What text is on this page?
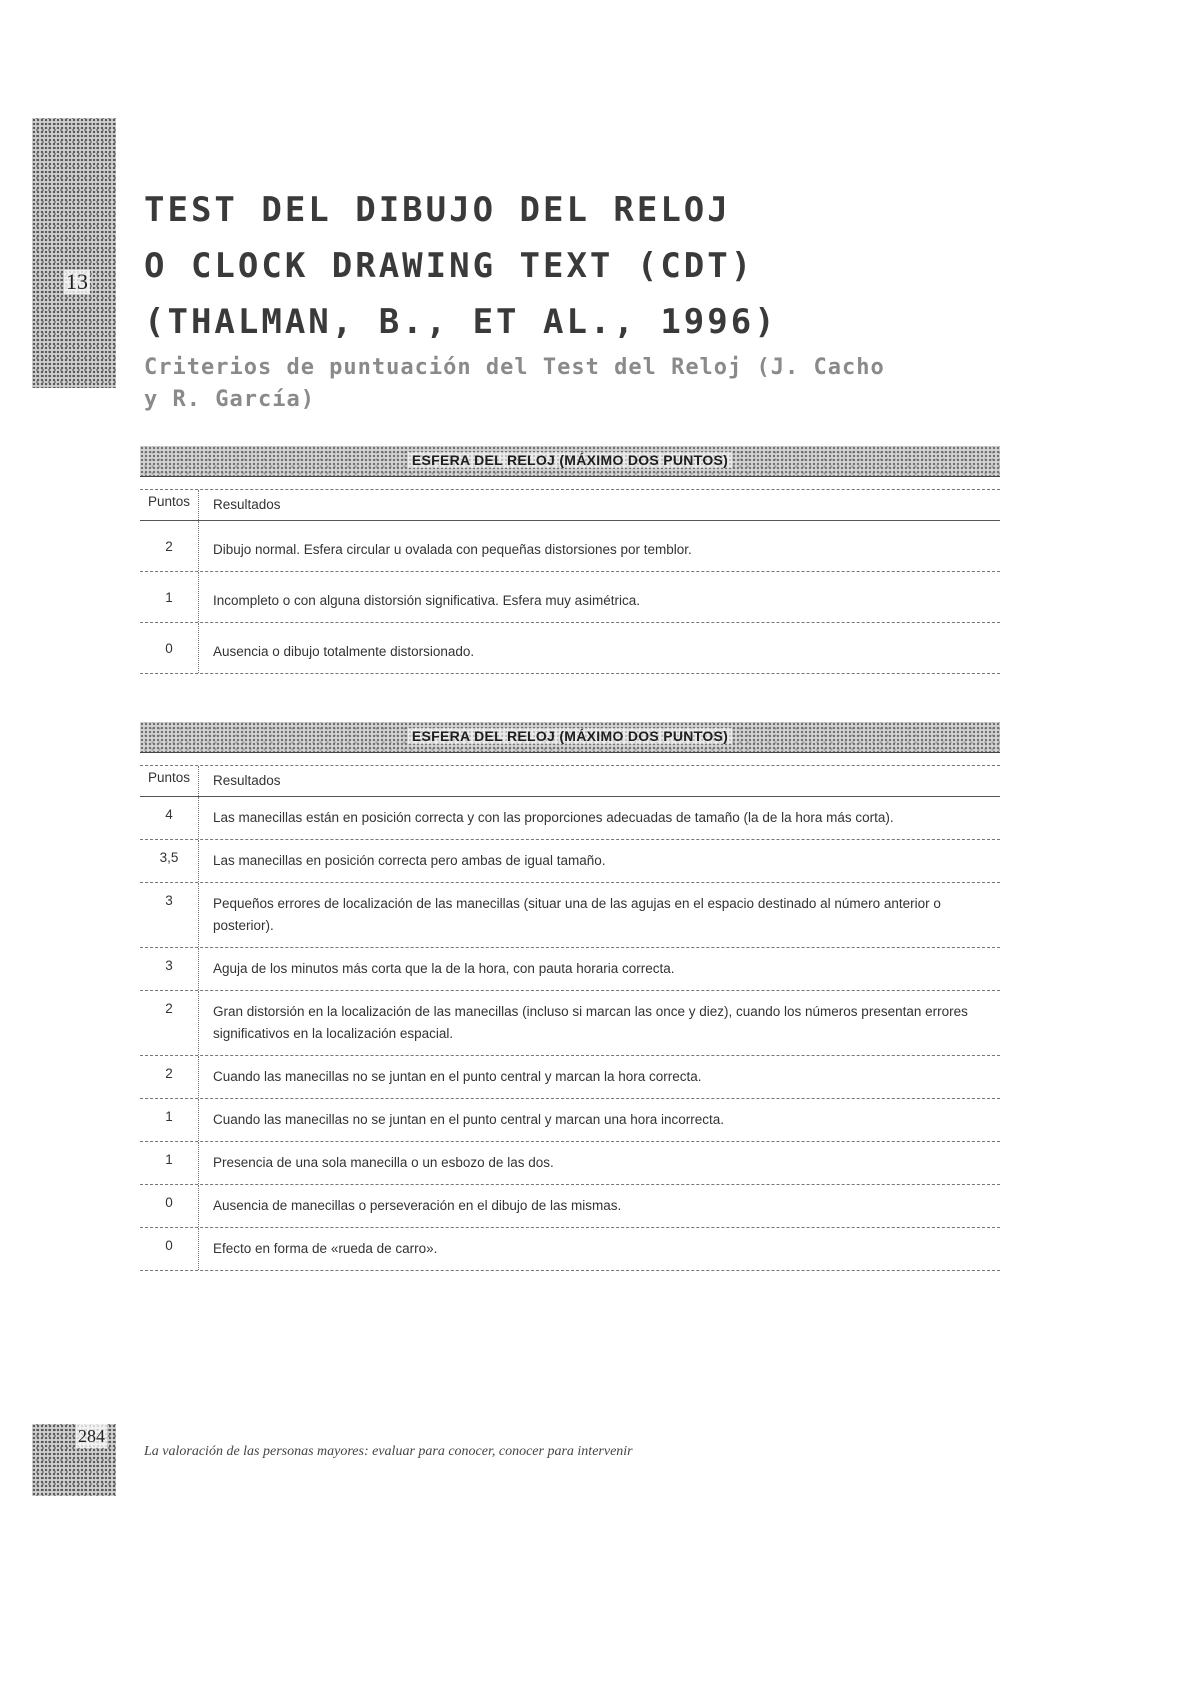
13
TEST DEL DIBUJO DEL RELOJ
O CLOCK DRAWING TEXT (CDT)
(THALMAN, B., ET AL., 1996)
Criterios de puntuación del Test del Reloj (J. Cacho
y R. García)
ESFERA DEL RELOJ (MÁXIMO DOS PUNTOS)
Puntos	Resultados
2	Dibujo normal. Esfera circular u ovalada con pequeñas distorsiones por temblor.
1	Incompleto o con alguna distorsión significativa. Esfera muy asimétrica.
0	Ausencia o dibujo totalmente distorsionado.
ESFERA DEL RELOJ (MÁXIMO DOS PUNTOS)
Puntos	Resultados
4	Las manecillas están en posición correcta y con las proporciones adecuadas de tamaño (la de la hora más corta).
3,5	Las manecillas en posición correcta pero ambas de igual tamaño.
3	Pequeños errores de localización de las manecillas (situar una de las agujas en el espacio destinado al número anterior o posterior).
3	Aguja de los minutos más corta que la de la hora, con pauta horaria correcta.
2	Gran distorsión en la localización de las manecillas (incluso si marcan las once y diez), cuando los números presentan errores significativos en la localización espacial.
2	Cuando las manecillas no se juntan en el punto central y marcan la hora correcta.
1	Cuando las manecillas no se juntan en el punto central y marcan una hora incorrecta.
1	Presencia de una sola manecilla o un esbozo de las dos.
0	Ausencia de manecillas o perseveración en el dibujo de las mismas.
0	Efecto en forma de «rueda de carro».
284
La valoración de las personas mayores: evaluar para conocer, conocer para intervenir
